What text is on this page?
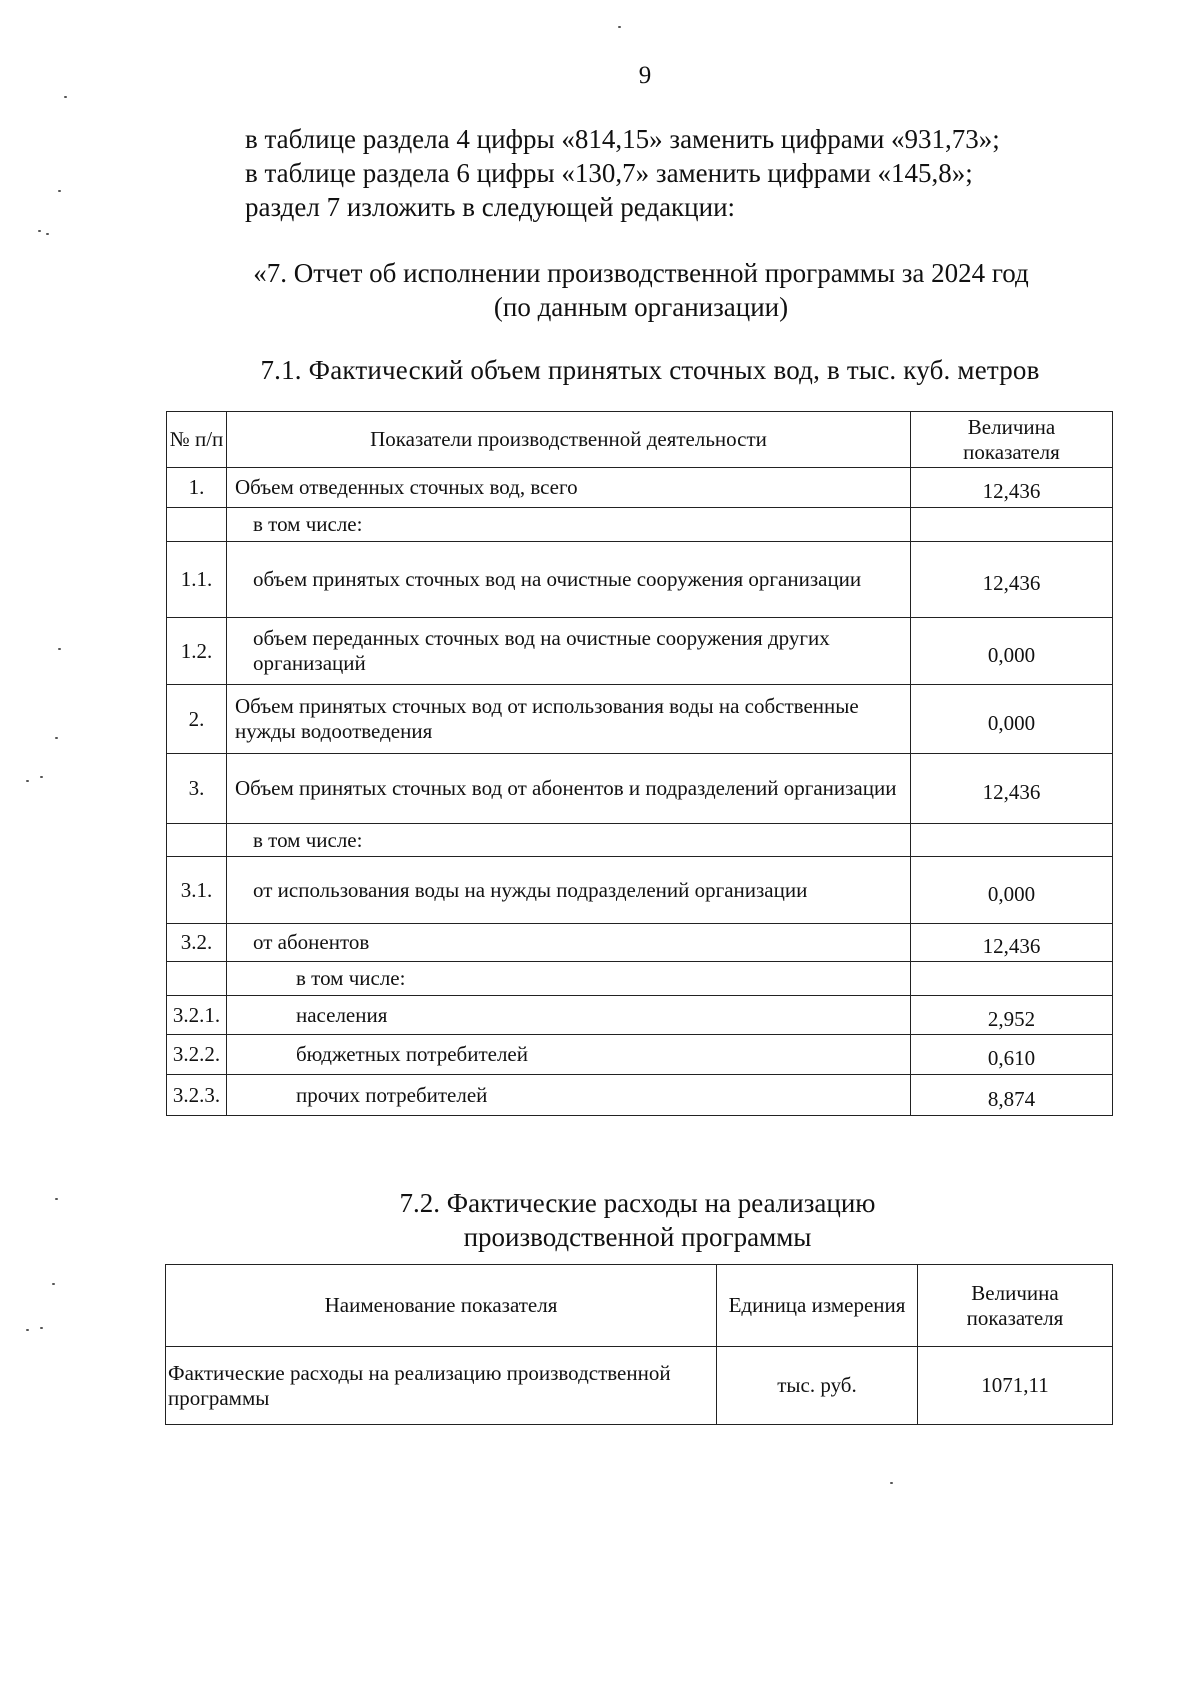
9
в таблице раздела 4 цифры «814,15» заменить цифрами «931,73»;
в таблице раздела 6 цифры «130,7» заменить цифрами «145,8»;
раздел 7 изложить в следующей редакции:
«7. Отчет об исполнении производственной программы за 2024 год
(по данным организации)
7.1. Фактический объем принятых сточных вод, в тыс. куб. метров
№ п/п	Показатели производственной деятельности	Величина показателя
1.	Объем отведенных сточных вод, всего	12,436
	в том числе:	
1.1.	объем принятых сточных вод на очистные сооружения организации	12,436
1.2.	объем переданных сточных вод на очистные сооружения других организаций	0,000
2.	Объем принятых сточных вод от использования воды на собственные нужды водоотведения	0,000
3.	Объем принятых сточных вод от абонентов и подразделений организации	12,436
	в том числе:	
3.1.	от использования воды на нужды подразделений организации	0,000
3.2.	от абонентов	12,436
	в том числе:	
3.2.1.	населения	2,952
3.2.2.	бюджетных потребителей	0,610
3.2.3.	прочих потребителей	8,874
7.2. Фактические расходы на реализацию
производственной программы
Наименование показателя	Единица измерения	Величина показателя
Фактические расходы на реализацию производственной программы	тыс. руб.	1071,11
